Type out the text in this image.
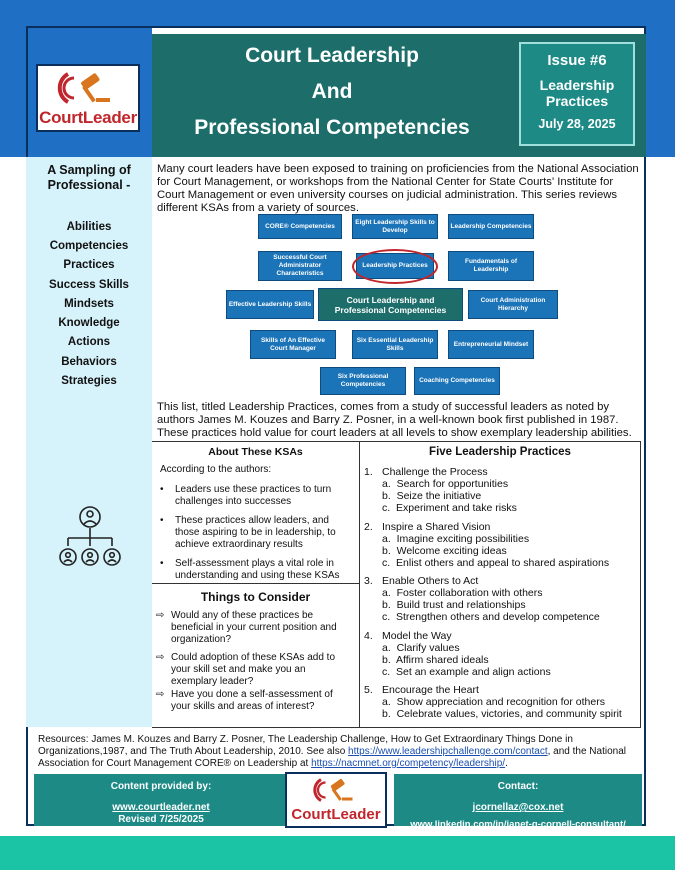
CourtLeader
Court Leadership
And
Professional Competencies
Issue #6
Leadership
Practices
July 28, 2025
A Sampling of
Professional -
Abilities
Competencies
Practices
Success Skills
Mindsets
Knowledge
Actions
Behaviors
Strategies
Many court leaders have been exposed to training on proficiencies from the National Association for Court Management, or workshops from the National Center for State Courts' Institute for Court Management or even university courses on judicial administration. This series reviews different KSAs from a variety of sources.
CORE® Competencies
Eight Leadership Skills to Develop
Leadership Competencies
Successful Court Administrator Characteristics
Leadership Practices
Fundamentals of Leadership
Effective Leadership Skills	Court Leadership and Professional Competencies
Court Administration Hierarchy
Skills of An Effective Court Manager
Six Essential Leadership Skills
Entrepreneurial Mindset
Six Professional Competencies
Coaching Competencies
This list, titled Leadership Practices, comes from a study of successful leaders as noted by authors James M. Kouzes and Barry Z. Posner, in a well-known book first published in 1987. These practices hold value for court leaders at all levels to show exemplary leadership abilities.
About These KSAs
According to the authors:
•	Leaders use these practices to turn challenges into successes
•	These practices allow leaders, and those aspiring to be in leadership, to achieve extraordinary results
•	Self-assessment plays a vital role in understanding and using these KSAs
Things to Consider
⇨ Would any of these practices be beneficial in your current position and organization?
⇨ Could adoption of these KSAs add to your skill set and make you an exemplary leader?
⇨ Have you done a self-assessment of your skills and areas of interest?
Five Leadership Practices
1. Challenge the Process
a.  Search for opportunities
b.  Seize the initiative
c.  Experiment and take risks
2. Inspire a Shared Vision
a.  Imagine exciting possibilities
b.  Welcome exciting ideas
c.  Enlist others and appeal to shared aspirations
3. Enable Others to Act
a.  Foster collaboration with others
b.  Build trust and relationships
c.  Strengthen others and develop competence
4. Model the Way
a.  Clarify values
b.  Affirm shared ideals
c.  Set an example and align actions
5. Encourage the Heart
a.  Show appreciation and recognition for others
b.  Celebrate values, victories, and community spirit
Resources: James M. Kouzes and Barry Z. Posner, The Leadership Challenge, How to Get Extraordinary Things Done in Organizations,1987, and The Truth About Leadership, 2010. See also https://www.leadershipchallenge.com/contact, and the National Association for Court Management CORE® on Leadership at https://nacmnet.org/competency/leadership/.
Content provided by:
www.courtleader.net
Revised 7/25/2025	CourtLeader
Contact:
jcornellaz@cox.net
www.linkedin.com/in/janet-g-cornell-consultant/
